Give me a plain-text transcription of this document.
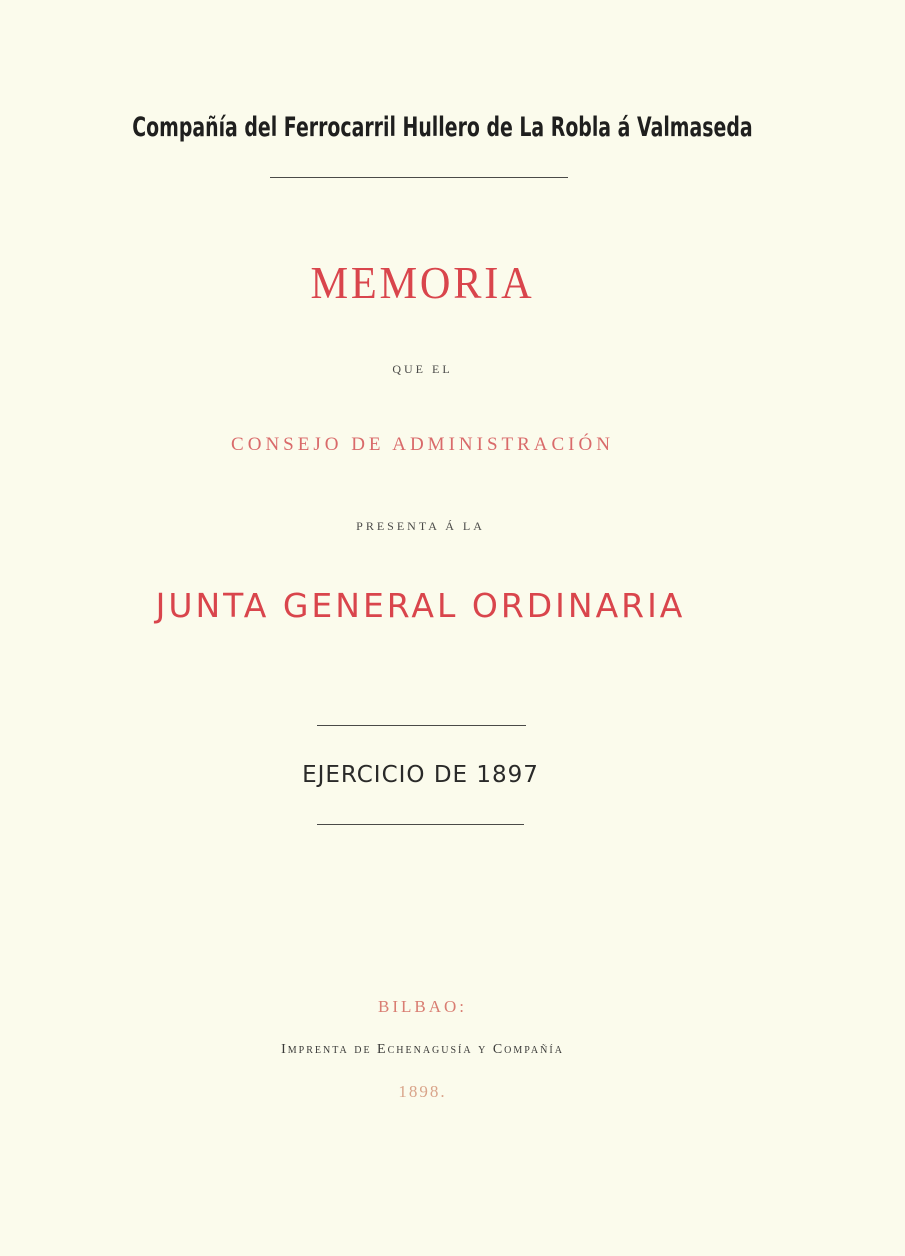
Compañía del Ferrocarril Hullero de La Robla á Valmaseda
MEMORIA
QUE EL
CONSEJO DE ADMINISTRACIÓN
PRESENTA Á LA
JUNTA GENERAL ORDINARIA
EJERCICIO DE 1897
BILBAO:
Imprenta de Echenagusía y Compañía
1898.
